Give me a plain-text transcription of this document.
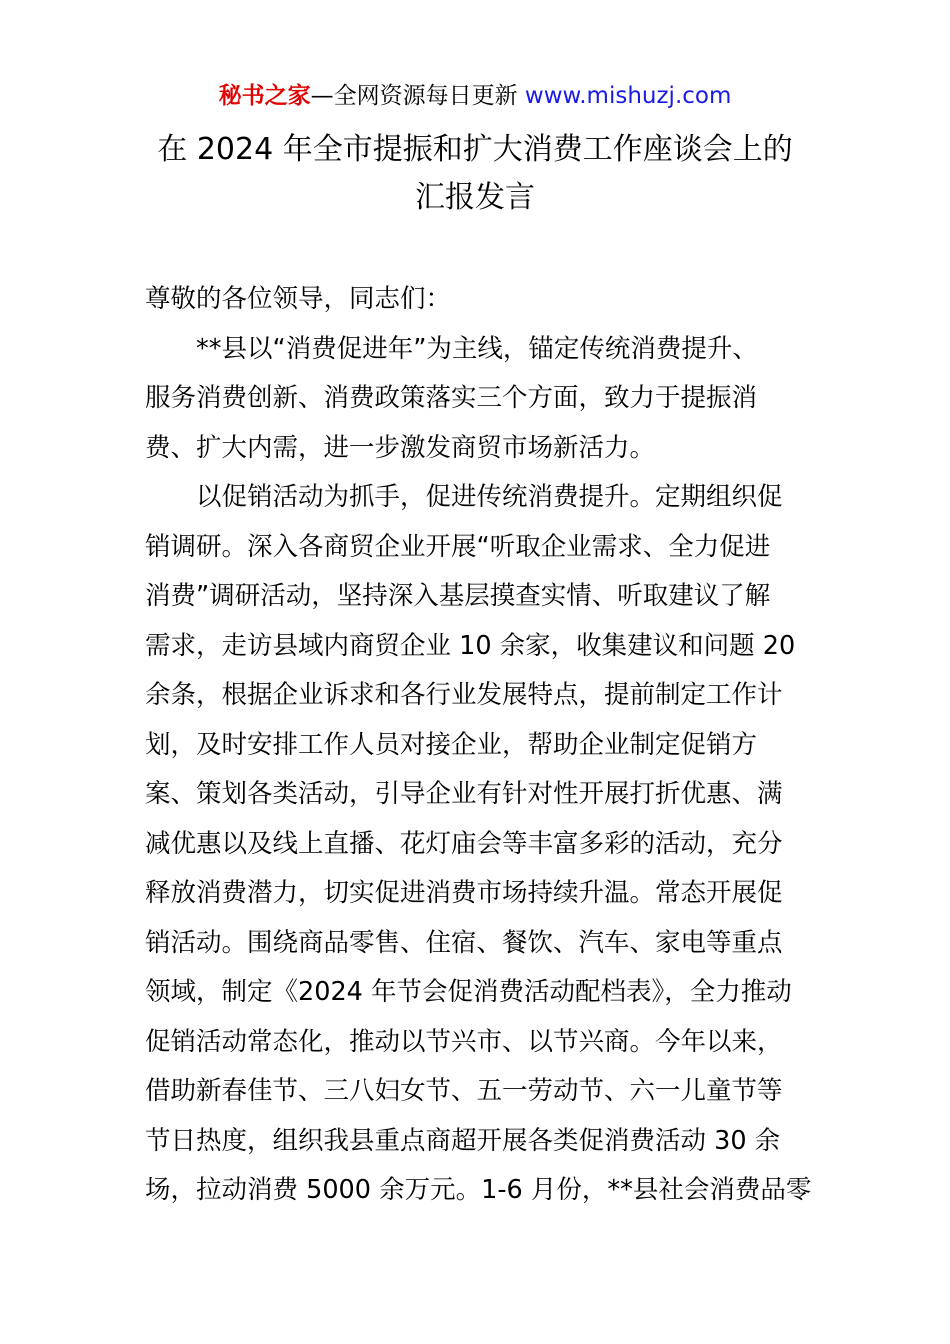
秘书之家—全网资源每日更新 www.mishuzj.com
在 2024 年全市提振和扩大消费工作座谈会上的
汇报发言

尊敬的各位领导，同志们：

**县以“消费促进年”为主线，锚定传统消费提升、
服务消费创新、消费政策落实三个方面，致力于提振消
费、扩大内需，进一步激发商贸市场新活力。

以促销活动为抓手，促进传统消费提升。定期组织促
销调研。深入各商贸企业开展“听取企业需求、全力促进
消费”调研活动，坚持深入基层摸查实情、听取建议了解
需求，走访县域内商贸企业 10 余家，收集建议和问题 20
余条，根据企业诉求和各行业发展特点，提前制定工作计
划，及时安排工作人员对接企业，帮助企业制定促销方
案、策划各类活动，引导企业有针对性开展打折优惠、满
减优惠以及线上直播、花灯庙会等丰富多彩的活动，充分
释放消费潜力，切实促进消费市场持续升温。常态开展促
销活动。围绕商品零售、住宿、餐饮、汽车、家电等重点
领域，制定《2024 年节会促消费活动配档表》，全力推动
促销活动常态化，推动以节兴市、以节兴商。今年以来，
借助新春佳节、三八妇女节、五一劳动节、六一儿童节等
节日热度，组织我县重点商超开展各类促消费活动 30 余
场，拉动消费 5000 余万元。1-6 月份，**县社会消费品零
